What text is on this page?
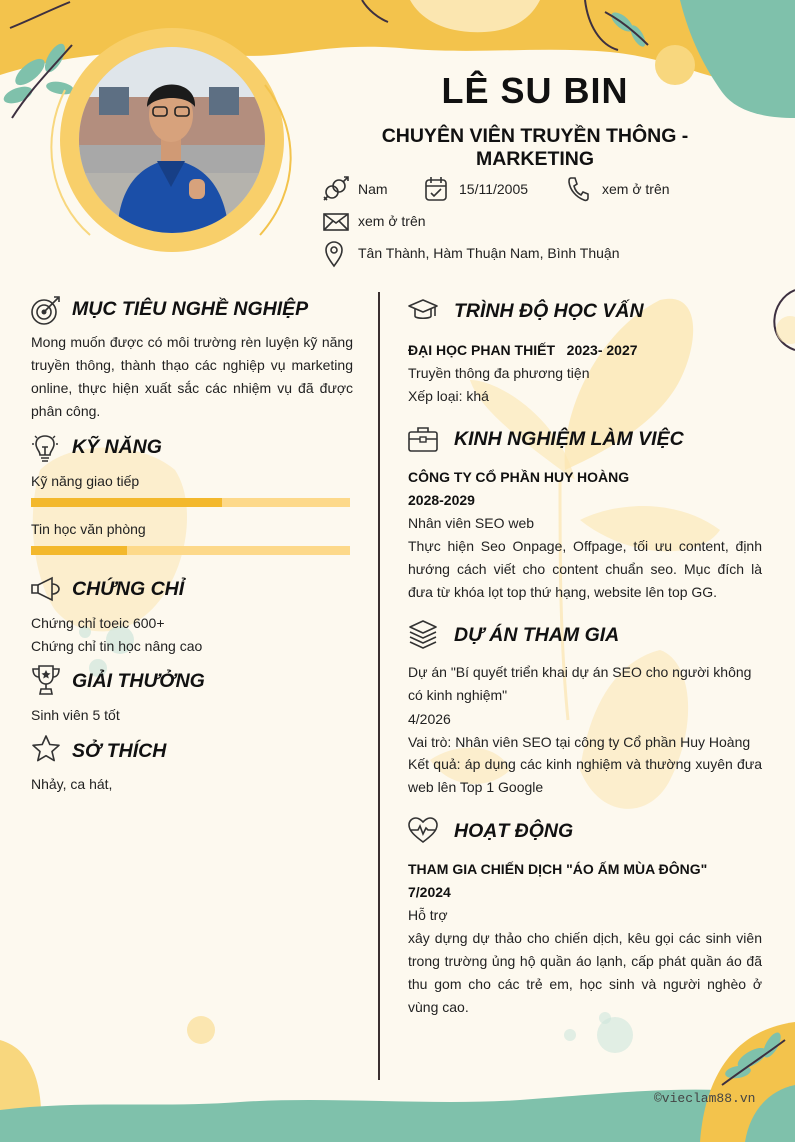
LÊ SU BIN
CHUYÊN VIÊN TRUYỀN THÔNG - MARKETING
Nam	15/11/2005	xem ở trên
xem ở trên
Tân Thành, Hàm Thuận Nam, Bình Thuận
MỤC TIÊU NGHỀ NGHIỆP
Mong muốn được có môi trường rèn luyện kỹ năng truyền thông, thành thạo các nghiệp vụ marketing online, thực hiện xuất sắc các nhiệm vụ đã được phân công.
KỸ NĂNG
Kỹ năng giao tiếp
Tin học văn phòng
CHỨNG CHỈ
Chứng chỉ toeic 600+
Chứng chỉ tin học nâng cao
GIẢI THƯỞNG
Sinh viên 5 tốt
SỞ THÍCH
Nhảy, ca hát,
TRÌNH ĐỘ HỌC VẤN
ĐẠI HỌC PHAN THIẾT 2023- 2027
Truyền thông đa phương tiện
Xếp loại: khá
KINH NGHIỆM LÀM VIỆC
CÔNG TY CỔ PHẦN HUY HOÀNG
2028-2029
Nhân viên SEO web
Thực hiện Seo Onpage, Offpage, tối ưu content, định hướng cách viết cho content chuẩn seo. Mục đích là đưa từ khóa lọt top thứ hạng, website lên top GG.
DỰ ÁN THAM GIA
Dự án "Bí quyết triển khai dự án SEO cho người không có kinh nghiệm"
4/2026
Vai trò: Nhân viên SEO tại công ty Cổ phần Huy Hoàng
Kết quả: áp dụng các kinh nghiệm và thường xuyên đưa web lên Top 1 Google
HOẠT ĐỘNG
THAM GIA CHIẾN DỊCH "ÁO ẤM MÙA ĐÔNG"
7/2024
Hỗ trợ
xây dựng dự thảo cho chiến dịch, kêu gọi các sinh viên trong trường ủng hộ quần áo lạnh, cấp phát quần áo đã thu gom cho các trẻ em, học sinh và người nghèo ở vùng cao.
©vieclam88.vn
